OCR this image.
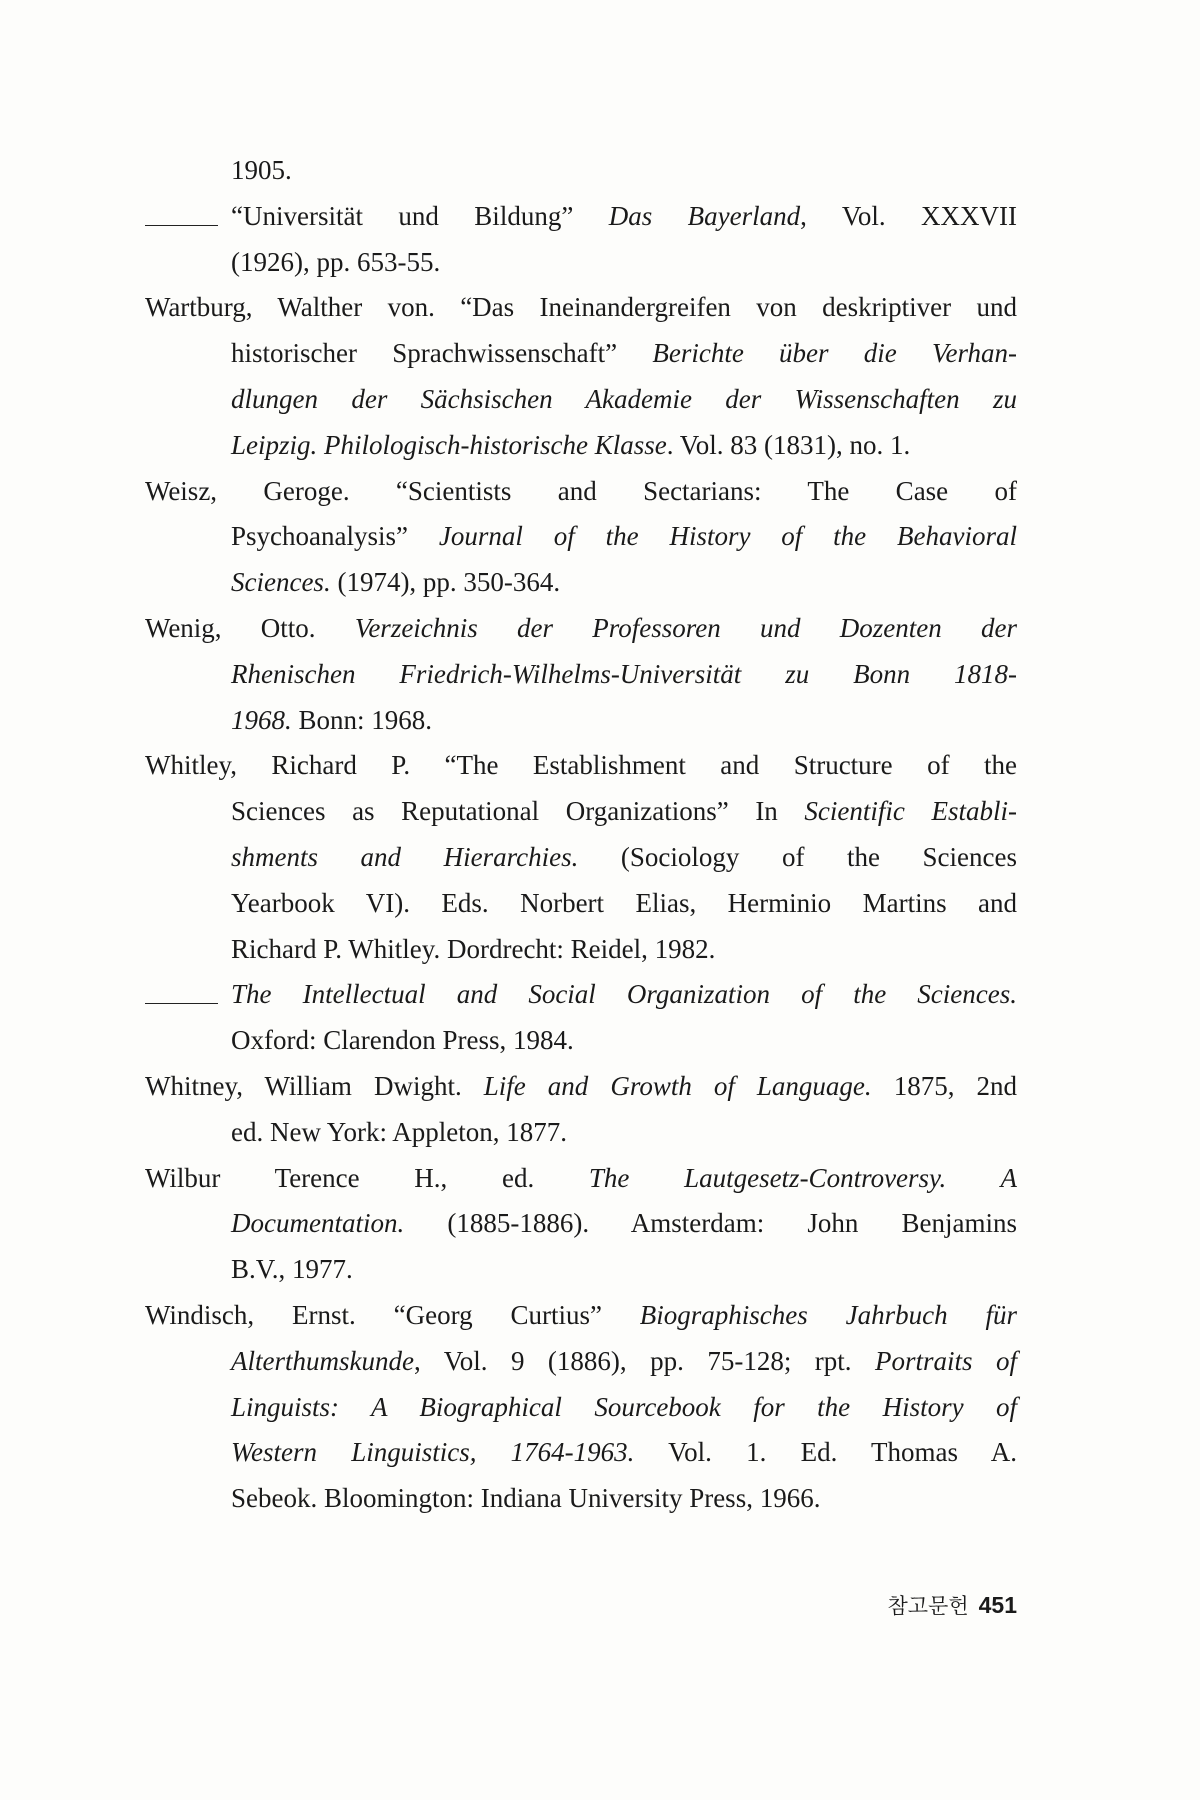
1905.
“Universität und Bildung” Das Bayerland, Vol. XXXVII
(1926), pp. 653-55.
Wartburg, Walther von. “Das Ineinandergreifen von deskriptiver und
historischer Sprachwissenschaft” Berichte über die Verhan-
dlungen der Sächsischen Akademie der Wissenschaften zu
Leipzig. Philologisch-historische Klasse. Vol. 83 (1831), no. 1.
Weisz, Geroge. “Scientists and Sectarians: The Case of
Psychoanalysis” Journal of the History of the Behavioral
Sciences. (1974), pp. 350-364.
Wenig, Otto. Verzeichnis der Professoren und Dozenten der
Rhenischen Friedrich-Wilhelms-Universität zu Bonn 1818-
1968. Bonn: 1968.
Whitley, Richard P. “The Establishment and Structure of the
Sciences as Reputational Organizations” In Scientific Establi-
shments and Hierarchies. (Sociology of the Sciences
Yearbook VI). Eds. Norbert Elias, Herminio Martins and
Richard P. Whitley. Dordrecht: Reidel, 1982.
The Intellectual and Social Organization of the Sciences.
Oxford: Clarendon Press, 1984.
Whitney, William Dwight. Life and Growth of Language. 1875, 2nd
ed. New York: Appleton, 1877.
Wilbur Terence H., ed. The Lautgesetz-Controversy. A
Documentation. (1885-1886). Amsterdam: John Benjamins
B.V., 1977.
Windisch, Ernst. “Georg Curtius” Biographisches Jahrbuch für
Alterthumskunde, Vol. 9 (1886), pp. 75-128; rpt. Portraits of
Linguists: A Biographical Sourcebook for the History of
Western Linguistics, 1764-1963. Vol. 1. Ed. Thomas A.
Sebeok. Bloomington: Indiana University Press, 1966.
참고문헌 451
